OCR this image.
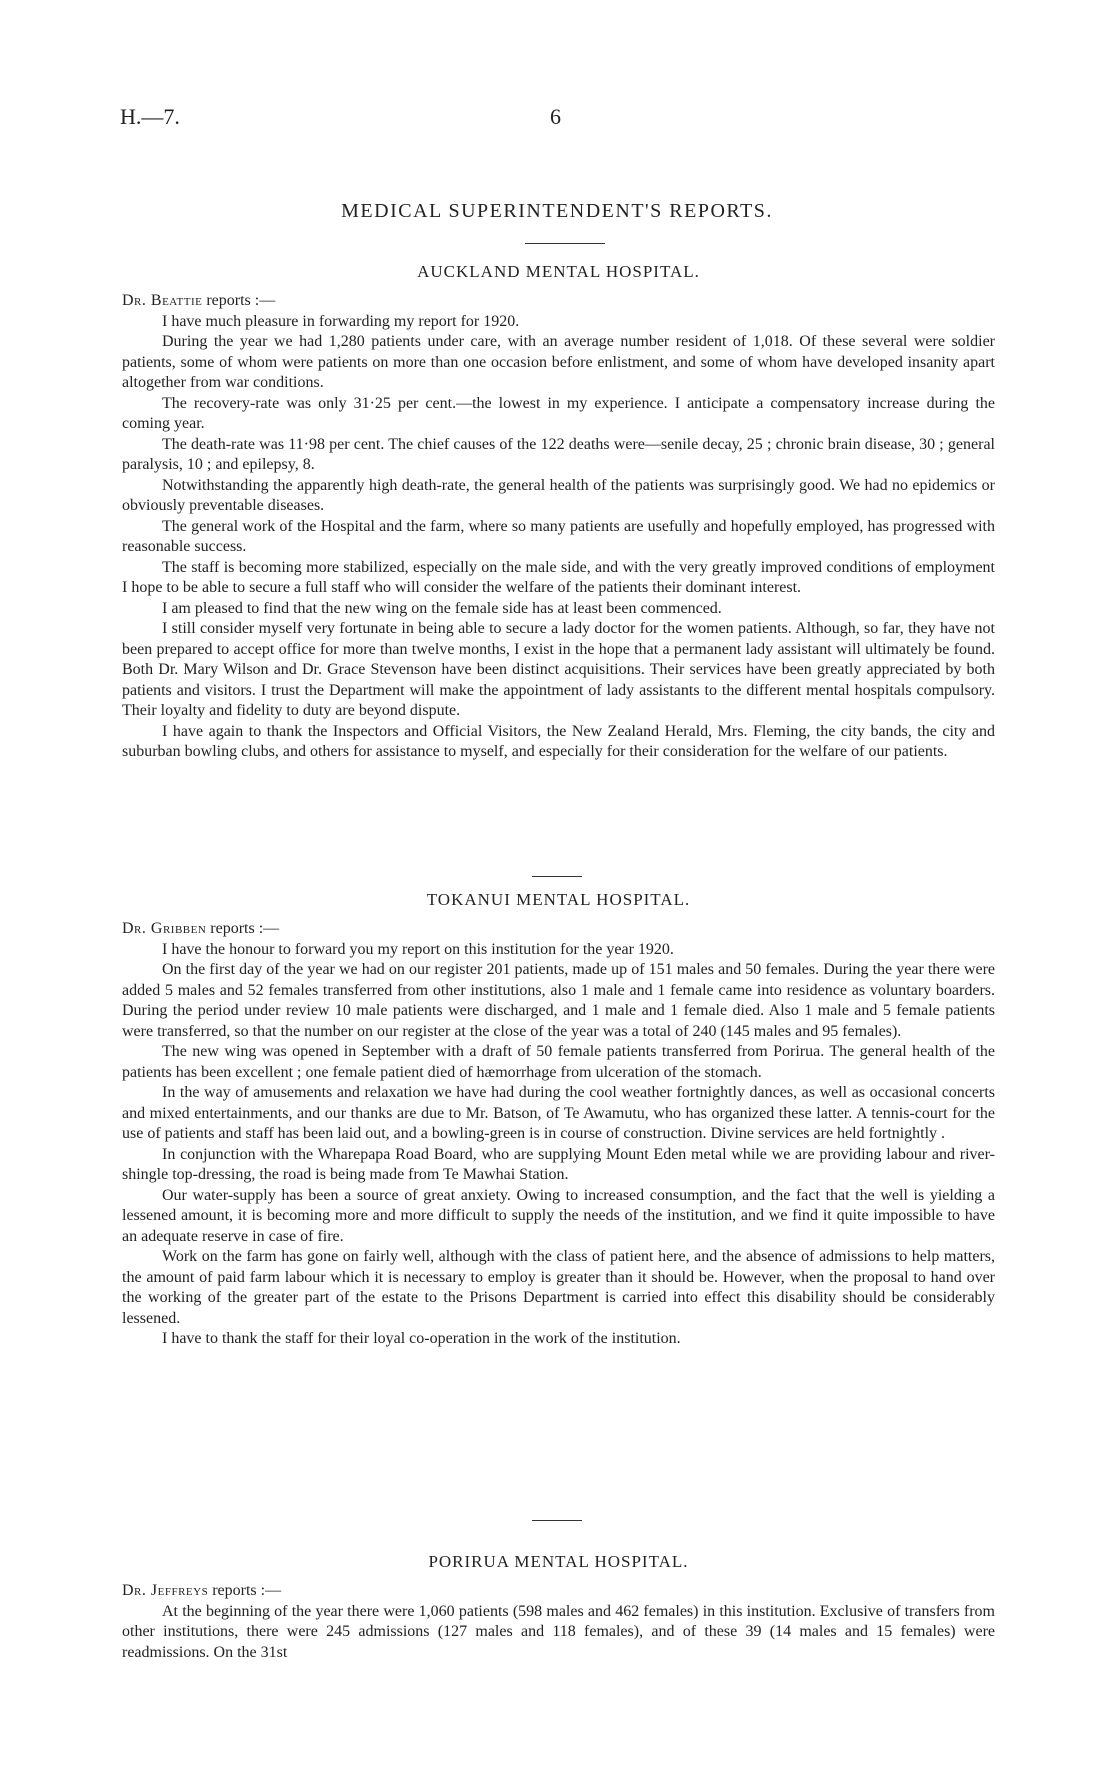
H.—7.	6
MEDICAL SUPERINTENDENT'S REPORTS.
AUCKLAND MENTAL HOSPITAL.

Dr. Beattie reports :—

I have much pleasure in forwarding my report for 1920.

During the year we had 1,280 patients under care, with an average number resident of 1,018. Of these several were soldier patients, some of whom were patients on more than one occasion before enlistment, and some of whom have developed insanity apart altogether from war conditions.

The recovery-rate was only 31·25 per cent.—the lowest in my experience. I anticipate a compensatory increase during the coming year.

The death-rate was 11·98 per cent. The chief causes of the 122 deaths were—senile decay, 25 ; chronic brain disease, 30 ; general paralysis, 10 ; and epilepsy, 8.

Notwithstanding the apparently high death-rate, the general health of the patients was surprisingly good. We had no epidemics or obviously preventable diseases.

The general work of the Hospital and the farm, where so many patients are usefully and hopefully employed, has progressed with reasonable success.

The staff is becoming more stabilized, especially on the male side, and with the very greatly improved conditions of employment I hope to be able to secure a full staff who will consider the welfare of the patients their dominant interest.

I am pleased to find that the new wing on the female side has at least been commenced.

I still consider myself very fortunate in being able to secure a lady doctor for the women patients. Although, so far, they have not been prepared to accept office for more than twelve months, I exist in the hope that a permanent lady assistant will ultimately be found. Both Dr. Mary Wilson and Dr. Grace Stevenson have been distinct acquisitions. Their services have been greatly appreciated by both patients and visitors. I trust the Department will make the appointment of lady assistants to the different mental hospitals compulsory. Their loyalty and fidelity to duty are beyond dispute.

I have again to thank the Inspectors and Official Visitors, the New Zealand Herald, Mrs. Fleming, the city bands, the city and suburban bowling clubs, and others for assistance to myself, and especially for their consideration for the welfare of our patients.

TOKANUI MENTAL HOSPITAL.

Dr. Gribben reports :—

I have the honour to forward you my report on this institution for the year 1920.

On the first day of the year we had on our register 201 patients, made up of 151 males and 50 females. During the year there were added 5 males and 52 females transferred from other institutions, also 1 male and 1 female came into residence as voluntary boarders. During the period under review 10 male patients were discharged, and 1 male and 1 female died. Also 1 male and 5 female patients were transferred, so that the number on our register at the close of the year was a total of 240 (145 males and 95 females).

The new wing was opened in September with a draft of 50 female patients transferred from Porirua. The general health of the patients has been excellent ; one female patient died of hæmorrhage from ulceration of the stomach.

In the way of amusements and relaxation we have had during the cool weather fortnightly dances, as well as occasional concerts and mixed entertainments, and our thanks are due to Mr. Batson, of Te Awamutu, who has organized these latter. A tennis-court for the use of patients and staff has been laid out, and a bowling-green is in course of construction. Divine services are held fortnightly .

In conjunction with the Wharepapa Road Board, who are supplying Mount Eden metal while we are providing labour and river-shingle top-dressing, the road is being made from Te Mawhai Station.

Our water-supply has been a source of great anxiety. Owing to increased consumption, and the fact that the well is yielding a lessened amount, it is becoming more and more difficult to supply the needs of the institution, and we find it quite impossible to have an adequate reserve in case of fire.

Work on the farm has gone on fairly well, although with the class of patient here, and the absence of admissions to help matters, the amount of paid farm labour which it is necessary to employ is greater than it should be. However, when the proposal to hand over the working of the greater part of the estate to the Prisons Department is carried into effect this disability should be considerably lessened.

I have to thank the staff for their loyal co-operation in the work of the institution.

PORIRUA MENTAL HOSPITAL.

Dr. Jeffreys reports :—

At the beginning of the year there were 1,060 patients (598 males and 462 females) in this institution. Exclusive of transfers from other institutions, there were 245 admissions (127 males and 118 females), and of these 39 (14 males and 15 females) were readmissions. On the 31st
